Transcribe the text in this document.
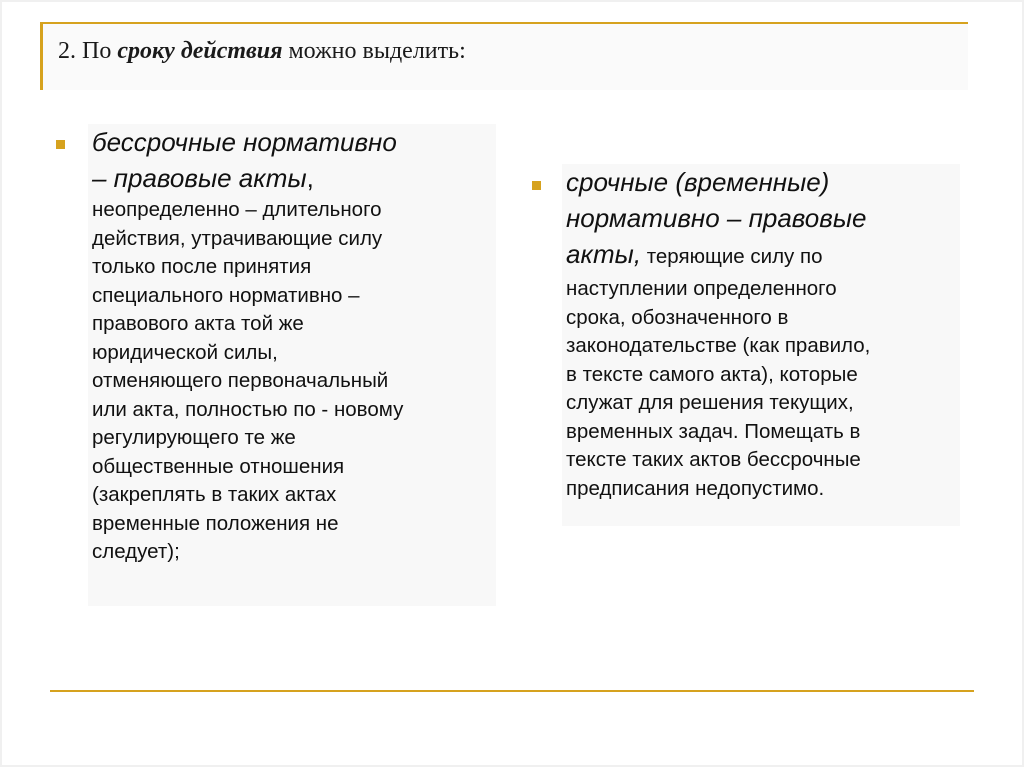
2. По сроку действия можно выделить:

бессрочные нормативно

– правовые акты,

неопределенно – длительного

действия, утрачивающие силу

только после принятия

специального нормативно –

правового акта той же

юридической силы,

отменяющего первоначальный

или акта, полностью по - новому

регулирующего те же

общественные отношения

(закреплять в таких актах

временные положения не

следует);

срочные (временные)

нормативно – правовые

акты, теряющие силу по

наступлении определенного

срока, обозначенного в

законодательстве (как правило,

в тексте самого акта), которые

служат для решения текущих,

временных задач. Помещать в

тексте таких актов бессрочные

предписания недопустимо.
